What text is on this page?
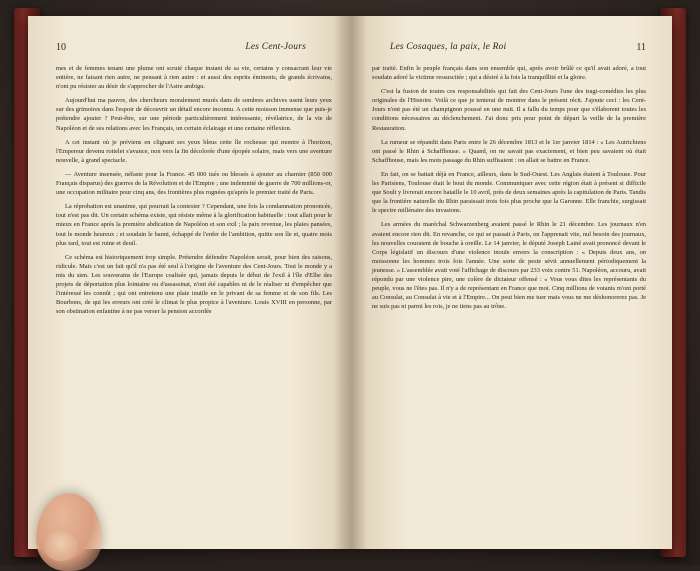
10	Les Cent-Jours

mes et de femmes tenant une plume ont scruté chaque instant de sa vie, certains y consacrant leur vie entière, ne faisant rien autre, ne pensant à rien autre : et aussi des esprits éminents, de grands écrivains, n'ont pu résister au désir de s'approcher de l'Astre ambigu.

Aujourd'hui ma pauvre, des chercheurs moralement murés dans de sombres archives usent leurs yeux sur des grimoires dans l'espoir de découvrir un détail encore inconnu. A cette moisson immense que puis-je prétendre ajouter ? Peut-être, sur une période particulièrement intéressante, révélatrice, de la vie de Napoléon et de ses relations avec les Français, un certain éclairage et une certaine réflexion.

A cet instant où je préviens en clignant ses yeux bleus cette île rocheuse qui montre à l'horizon, l'Empereur devenu roitelet s'avance, non vers la fin décolorée d'une épopée solaire, mais vers une aventure nouvelle, à grand spectacle.

— Aventure insensée, néfaste pour la France. 45 000 tués ou blessés à ajouter au charnier (850 000 Français disparus) des guerres de la Révolution et de l'Empire ; une indemnité de guerre de 700 millions-or, une occupation militaire pour cinq ans, des frontières plus rognées qu'après le premier traité de Paris.

La réprobation est unanime, qui pourrait la contester ? Cependant, une fois la condamnation prononcée, tout n'est pas dit. Un certain schéma existe, qui résiste même à la glorification habituelle : tout allait pour le mieux en France après la première abdication de Napoléon et son exil ; la paix revenue, les plaies pansées, tout le monde heureux ; et soudain le banni, échappé de l'enfer de l'ambition, quitte son île et, quatre mois plus tard, tout est ruine et deuil.

Ce schéma est historiquement trop simple. Prétendre défendre Napoléon serait, pour bien des raisons, ridicule. Mais c'est un fait qu'il n'a pas été seul à l'origine de l'aventure des Cent-Jours. Tout le monde y a mis du sien. Les souverains de l'Europe coalisée qui, jamais depuis le début de l'exil à l'île d'Elbe des projets de déportation plus lointaine ou d'assassinat, n'ont été capables ni de le réaliser ni d'empêcher que l'intéressé les connût ; qui ont entretenu une plaie inutile en le privant de sa femme et de son fils. Les Bourbons, de qui les erreurs ont créé le climat le plus propice à l'aventure. Louis XVIII en personne, par son obstination enfantine à ne pas verser la pension accordée

11
Les Cosaques, la paix, le Roi

par traité. Enfin le peuple français dans son ensemble qui, après avoir brûlé ce qu'il avait adoré, a tout soudain adoré la victime ressuscitée ; qui a désiré à la fois la tranquillité et la gloire.

C'est la fusion de toutes ces responsabilités qui fait des Cent-Jours l'une des tragi-comédies les plus originales de l'Histoire. Voilà ce que je tenterai de montrer dans le présent récit. J'ajoute ceci : les Cent-Jours n'ont pas été un champignon poussé en une nuit. Il a fallu du temps pour que s'élaborent toutes les conditions nécessaires au déclenchement. J'ai donc pris pour point de départ la veille de la première Restauration.

La rumeur se répandit dans Paris entre le 26 décembre 1813 et le 1er janvier 1814 : « Les Autrichiens ont passé le Rhin à Schaffhouse. » Quand, on ne savait pas exactement, et bien peu savaient où était Schaffhouse, mais les mots passage du Rhin suffisaient : on allait se battre en France.

En fait, on se battait déjà en France, ailleurs, dans le Sud-Ouest. Les Anglais étaient à Toulouse. Pour les Parisiens, Toulouse était le bout du monde. Communiquer avec cette région était à présent si difficile que Soult y livrerait encore bataille le 10 avril, près de deux semaines après la capitulation de Paris. Tandis que la frontière naturelle du Rhin paraissait trois fois plus proche que la Garonne. Elle franchie, surgissait le spectre millénaire des invasions.

Les armées du maréchal Schwarzenberg avaient passé le Rhin le 21 décembre. Les journaux n'en avaient encore rien dit. En revanche, ce qui se passait à Paris, on l'apprenait vite, nul besoin des journaux, les nouvelles couraient de bouche à oreille. Le 14 janvier, le député Joseph Lainé avait prononcé devant le Corps législatif un discours d'une violence inouïe envers la conscription : « Depuis deux ans, on moissonne les hommes trois fois l'année. Une sorte de peste sévit annuellement périodiquement la jeunesse. » L'assemblée avait voté l'affichage de discours par 233 voix contre 51. Napoléon, accouru, avait répondu par une violence pire, une colère de dictateur offensé : « Vous vous dites les représentants du peuple, vous ne l'êtes pas. Il n'y a de représentant en France que moi. Cinq millions de votants m'ont porté au Consulat, au Consulat à vie et à l'Empire... On peut bien me tuer mais vous ne me déshonorerez pas. Je ne suis pas ni parmi les rois, je ne tiens pas au trône.
